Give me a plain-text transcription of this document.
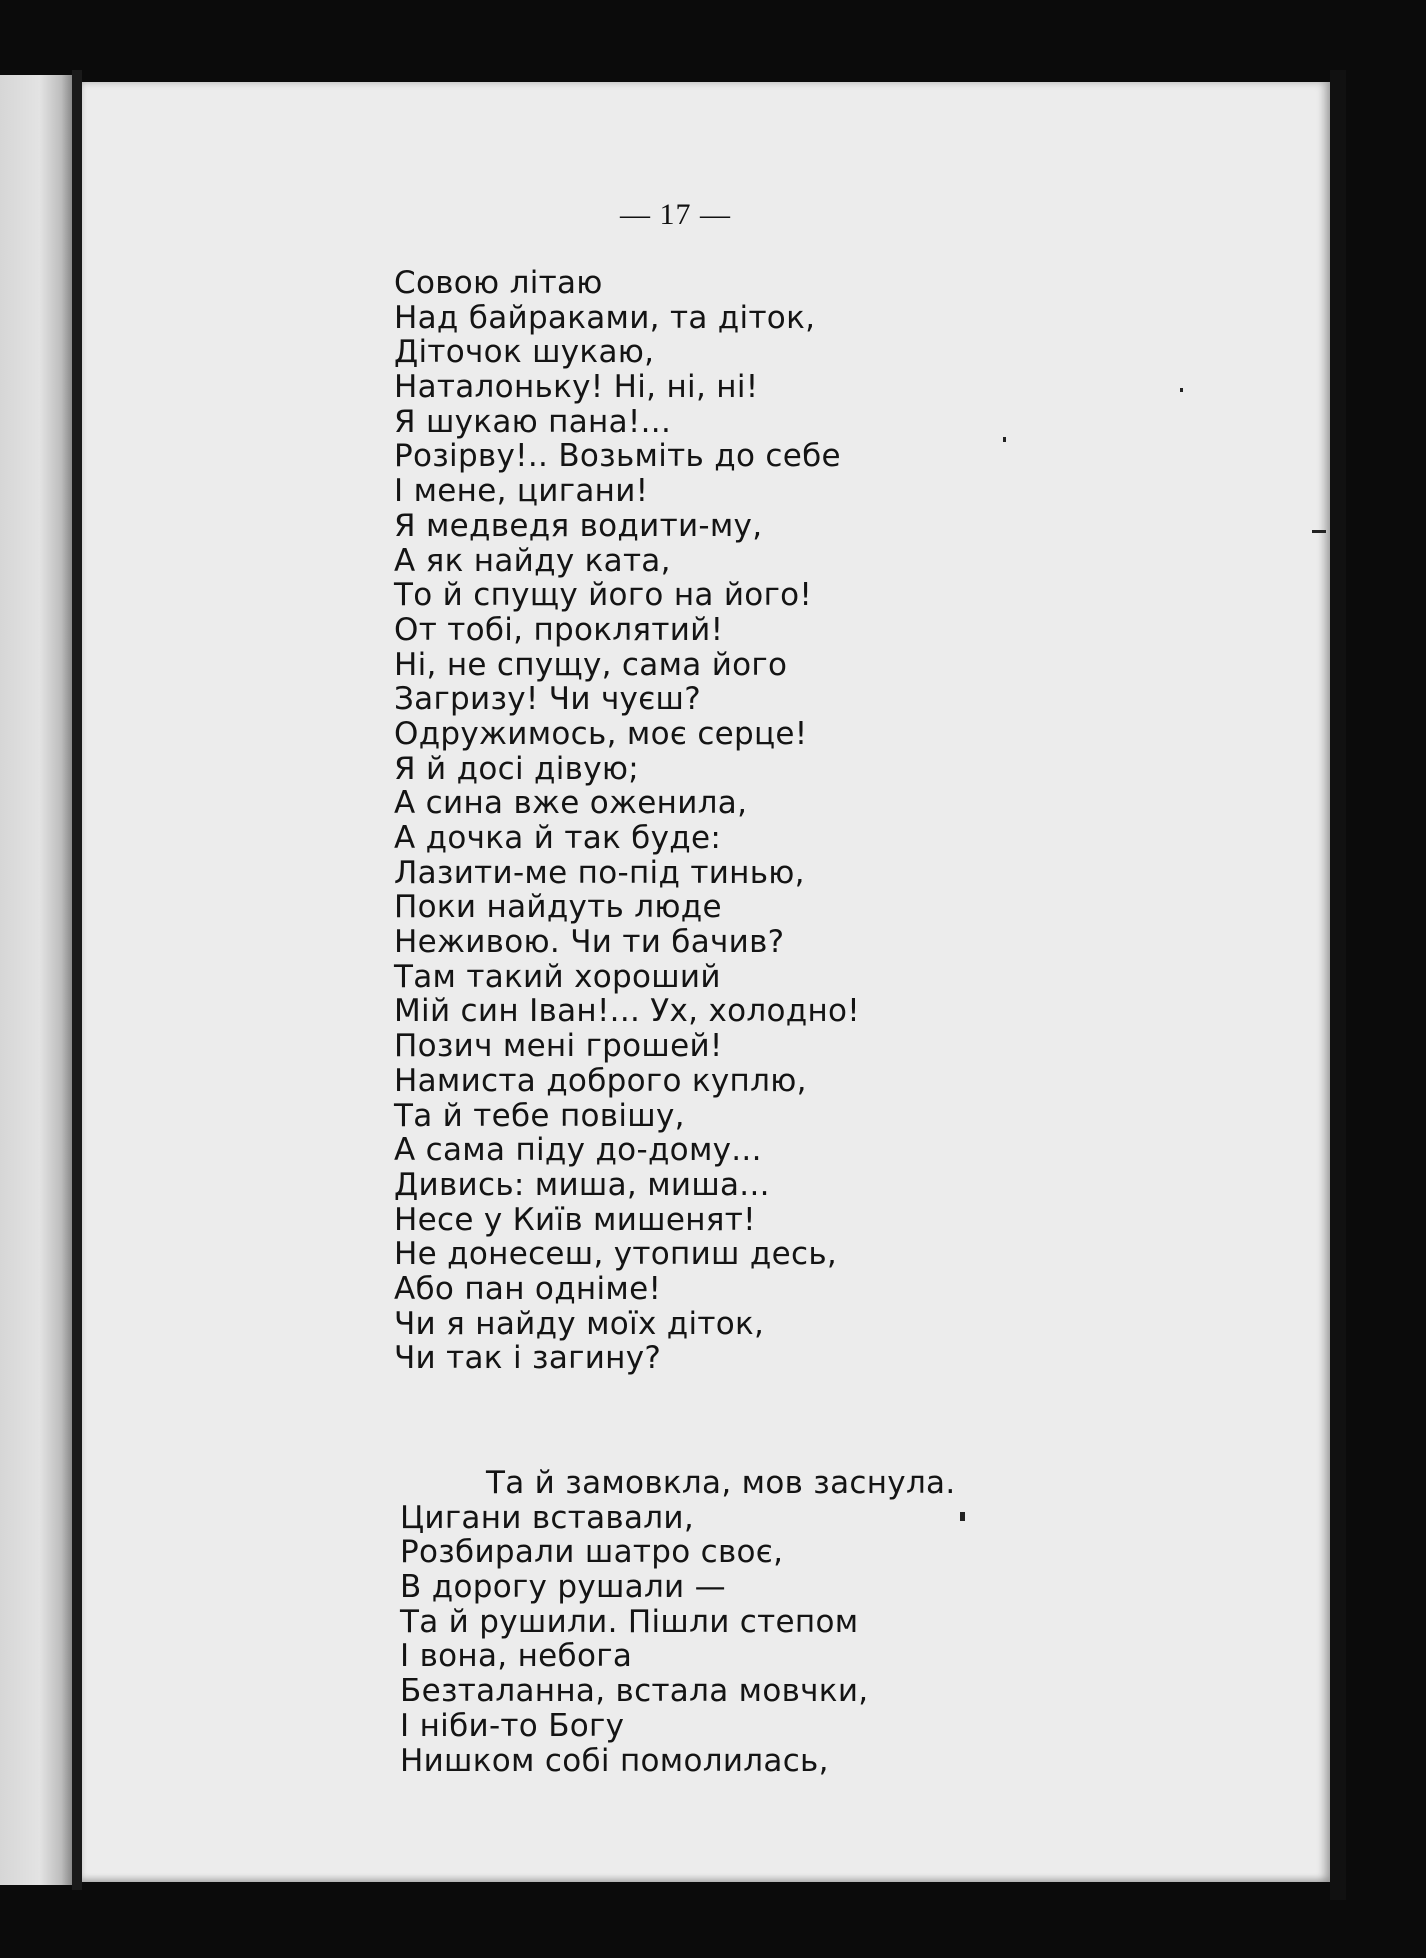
— 17 —
Совою літаю
Над байраками, та діток,
Діточок шукаю,
Наталоньку! Ні, ні, ні!
Я шукаю пана!...
Розірву!.. Возьміть до себе
І мене, цигани!
Я медведя водити-му,
А як найду ката,
То й спущу його на його!
От тобі, проклятий!
Ні, не спущу, сама його
Загризу! Чи чуєш?
Одружимось, моє серце!
Я й досі дівую;
А сина вже оженила,
А дочка й так буде:
Лазити-ме по-під тинью,
Поки найдуть люде
Неживою. Чи ти бачив?
Там такий хороший
Мій син Іван!... Ух, холодно!
Позич мені грошей!
Намиста доброго куплю,
Та й тебе повішу,
А сама піду до-дому...
Дивись: миша, миша...
Несе у Київ мишенят!
Не донесеш, утопиш десь,
Або пан одніме!
Чи я найду моїх діток,
Чи так і загину?
Та й замовкла, мов заснула.
Цигани вставали,
Розбирали шатро своє,
В дорогу рушали —
Та й рушили. Пішли степом
І вона, небога
Безталанна, встала мовчки,
І ніби-то Богу
Нишком собі помолилась,
